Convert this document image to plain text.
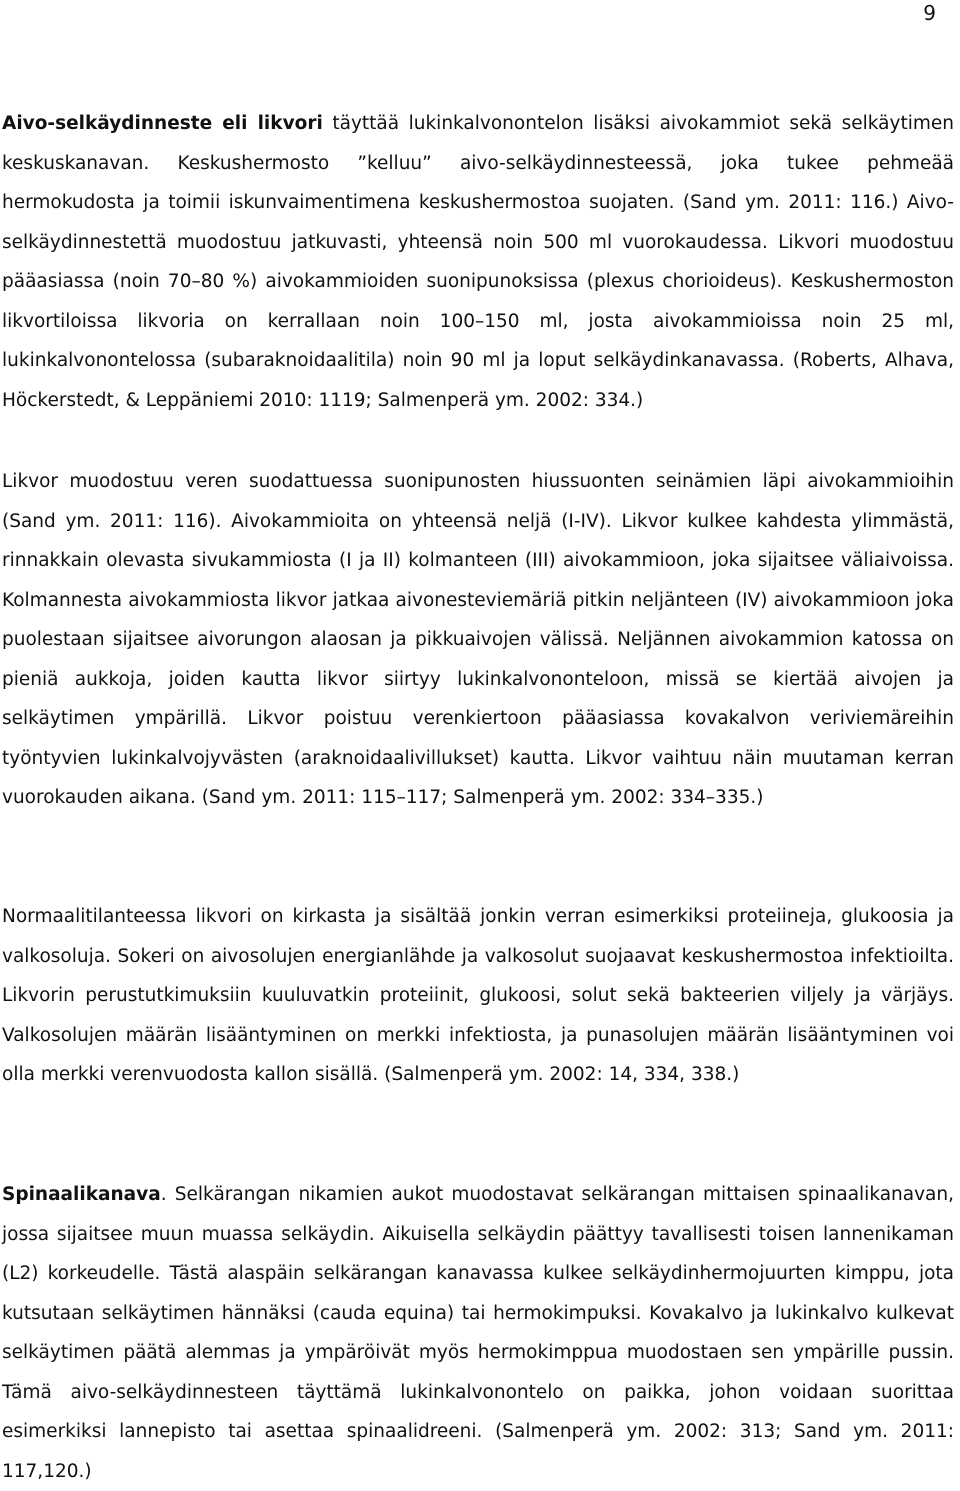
9

Aivo-selkäydinneste eli likvori täyttää lukinkalvonontelon lisäksi aivokammiot sekä selkäytimen keskuskanavan. Keskushermosto ”kelluu” aivo-selkäydinnesteessä, joka tukee pehmeää hermokudosta ja toimii iskunvaimentimena keskushermostoa suojaten. (Sand ym. 2011: 116.) Aivo-selkäydinnestettä muodostuu jatkuvasti, yhteensä noin 500 ml vuorokaudessa. Likvori muodostuu pääasiassa (noin 70–80 %) aivokammioiden suonipunoksissa (plexus chorioideus). Keskushermoston likvortiloissa likvoria on kerrallaan noin 100–150 ml, josta aivokammioissa noin 25 ml, lukinkalvonontelossa (subaraknoidaalitila) noin 90 ml ja loput selkäydinkanavassa. (Roberts, Alhava, Höckerstedt, & Leppäniemi 2010: 1119; Salmenperä ym. 2002: 334.)

Likvor muodostuu veren suodattuessa suonipunosten hiussuonten seinämien läpi aivokammioihin (Sand ym. 2011: 116). Aivokammioita on yhteensä neljä (I-IV). Likvor kulkee kahdesta ylimmästä, rinnakkain olevasta sivukammiosta (I ja II) kolmanteen (III) aivokammioon, joka sijaitsee väliaivoissa. Kolmannesta aivokammiosta likvor jatkaa aivonesteviemäriä pitkin neljänteen (IV) aivokammioon joka puolestaan sijaitsee aivorungon alaosan ja pikkuaivojen välissä. Neljännen aivokammion katossa on pieniä aukkoja, joiden kautta likvor siirtyy lukinkalvononteloon, missä se kiertää aivojen ja selkäytimen ympärillä. Likvor poistuu verenkiertoon pääasiassa kovakalvon veriviemäreihin työntyvien lukinkalvojyvästen (araknoidaalivillukset) kautta. Likvor vaihtuu näin muutaman kerran vuorokauden aikana. (Sand ym. 2011: 115–117; Salmenperä ym. 2002: 334–335.)

Normaalitilanteessa likvori on kirkasta ja sisältää jonkin verran esimerkiksi proteiineja, glukoosia ja valkosoluja. Sokeri on aivosolujen energianlähde ja valkosolut suojaavat keskushermostoa infektioilta. Likvorin perustutkimuksiin kuuluvatkin proteiinit, glukoosi, solut sekä bakteerien viljely ja värjäys. Valkosolujen määrän lisääntyminen on merkki infektiosta, ja punasolujen määrän lisääntyminen voi olla merkki verenvuodosta kallon sisällä. (Salmenperä ym. 2002: 14, 334, 338.)

Spinaalikanava. Selkärangan nikamien aukot muodostavat selkärangan mittaisen spinaalikanavan, jossa sijaitsee muun muassa selkäydin. Aikuisella selkäydin päättyy tavallisesti toisen lannenikaman (L2) korkeudelle. Tästä alaspäin selkärangan kanavassa kulkee selkäydinhermojuurten kimppu, jota kutsutaan selkäytimen hännäksi (cauda equina) tai hermokimpuksi. Kovakalvo ja lukinkalvo kulkevat selkäytimen päätä alemmas ja ympäröivät myös hermokimppua muodostaen sen ympärille pussin. Tämä aivo-selkäydinnesteen täyttämä lukinkalvonontelo on paikka, johon voidaan suorittaa esimerkiksi lannepisto tai asettaa spinaalidreeni. (Salmenperä ym. 2002: 313; Sand ym. 2011: 117,120.)
